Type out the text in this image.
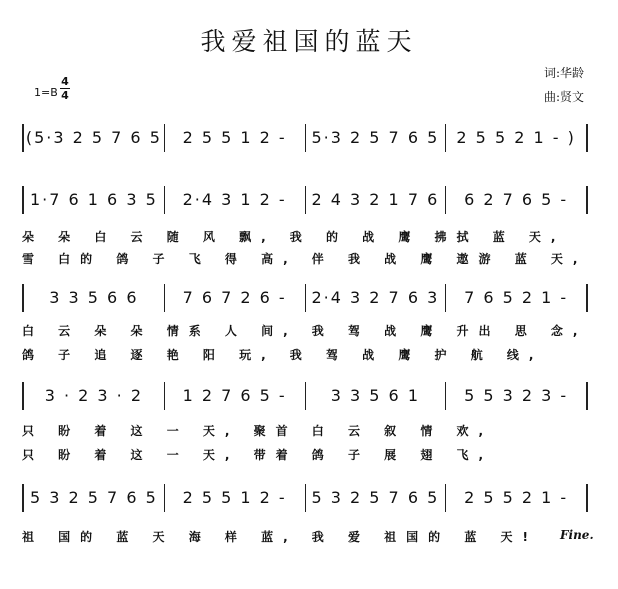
我爱祖国的蓝天
1=B
4
4
词:华龄
曲:贤文
(5·3 2 5 7 6 5	2 5 5 1 2 -	5·3 2 5 7 6 5	2 5 5 2 1 - )
1·7 6 1 6 3 5	2·4 3 1 2 -	2 4 3 2 1 7 6	6 2 7 6 5 -
朵 朵 白 云 随 风 飘, 我 的 战 鹰 拂拭 蓝 天,
雪 白的 鸽 子 飞 得 高, 伴 我 战 鹰 遨游 蓝 天,
3 3 5 6 6	7 6 7 2 6 -	2·4 3 2 7 6 3	7 6 5 2 1 -
白 云 朵 朵 情系 人 间, 我 驾 战 鹰 升出 思 念,
鸽 子 追 逐 艳 阳 玩, 我 驾 战 鹰 护 航 线,
3 · 2 3 · 2	1 2 7 6 5 -	3 3 5 6 1	5 5 3 2 3 -
只 盼 着 这 一 天, 聚首 白 云 叙 情 欢,
只 盼 着 这 一 天, 带着 鸽 子 展 翅 飞,
5 3 2 5 7 6 5	2 5 5 1 2 -	5 3 2 5 7 6 5	2 5 5 2 1 -
祖 国的 蓝 天 海 样 蓝, 我 爱 祖国的 蓝 天! Fine.
